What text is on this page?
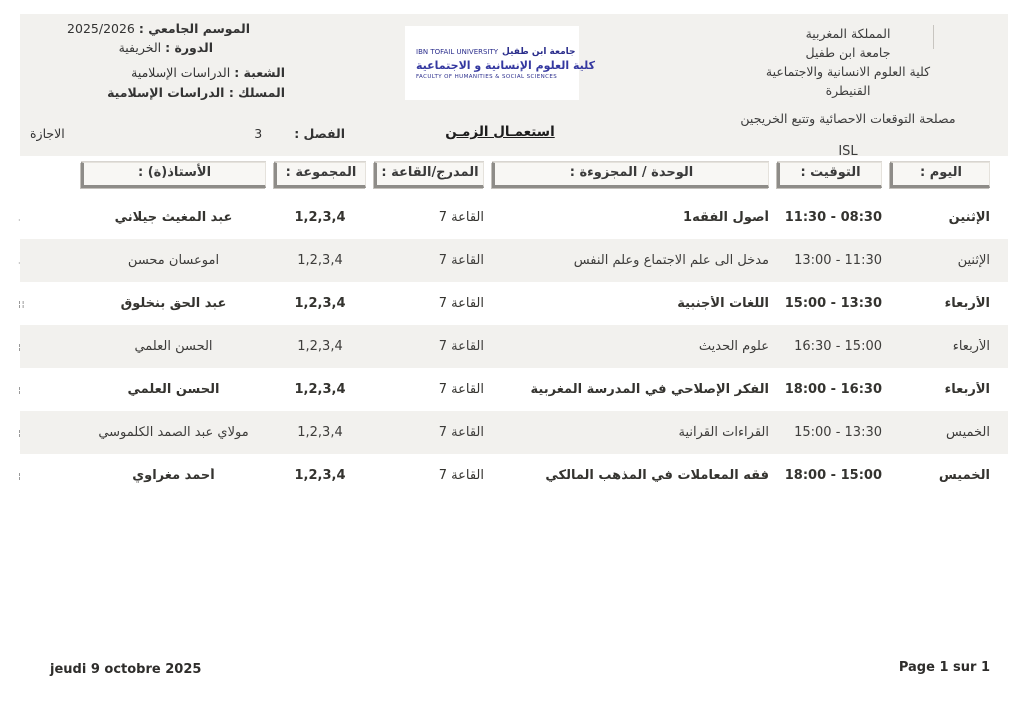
المملكة المغربية
جامعة ابن طفيل
كلية العلوم الانسانية والاجتماعية
القنيطرة
مصلحة التوقعات الاحصائية وتتبع الخريجين
ISL
IBN TOFAIL UNIVERSITY جامعة ابن طفيل
كلية العلوم الإنسانية و الاجتماعية
FACULTY OF HUMANITIES & SOCIAL SCIENCES
الموسم الجامعي : 2025/2026
الدورة : الخريفية
الشعبة : الدراسات الإسلامية
المسلك : الدراسات الإسلامية
الفصل : 3
الاجازة	استعمـال الزمـن
اليوم :
التوقيت :
الوحدة / المجزوءة :
المدرج/القاعة :
المجموعة :
الأستاذ(ة) :
الإثنين
08:30 - 11:30
أصول الفقه1
القاعة 7
1,2,3,4
عبد المغيث جيلاني
.
الإثنين
11:30 - 13:00
مدخل الى علم الاجتماع وعلم النفس
القاعة 7
1,2,3,4
اموعسان محسن
.
الأربعاء
13:30 - 15:00
اللغات الأجنبية
القاعة 7
1,2,3,4
عبد الحق بنخلوق
¦¦
الأربعاء
15:00 - 16:30
علوم الحديث
القاعة 7
1,2,3,4
الحسن العلمي
¦
الأربعاء
16:30 - 18:00
الفكر الإصلاحي في المدرسة المغربية
القاعة 7
1,2,3,4
الحسن العلمي
¦
الخميس
13:30 - 15:00
القراءات القرآنية
القاعة 7
1,2,3,4
مولاي عبد الصمد الكلموسي
¦
الخميس
15:00 - 18:00
فقه المعاملات في المذهب المالكي
القاعة 7
1,2,3,4
أحمد مغراوي
¦
jeudi 9 octobre 2025	Page 1 sur 1
